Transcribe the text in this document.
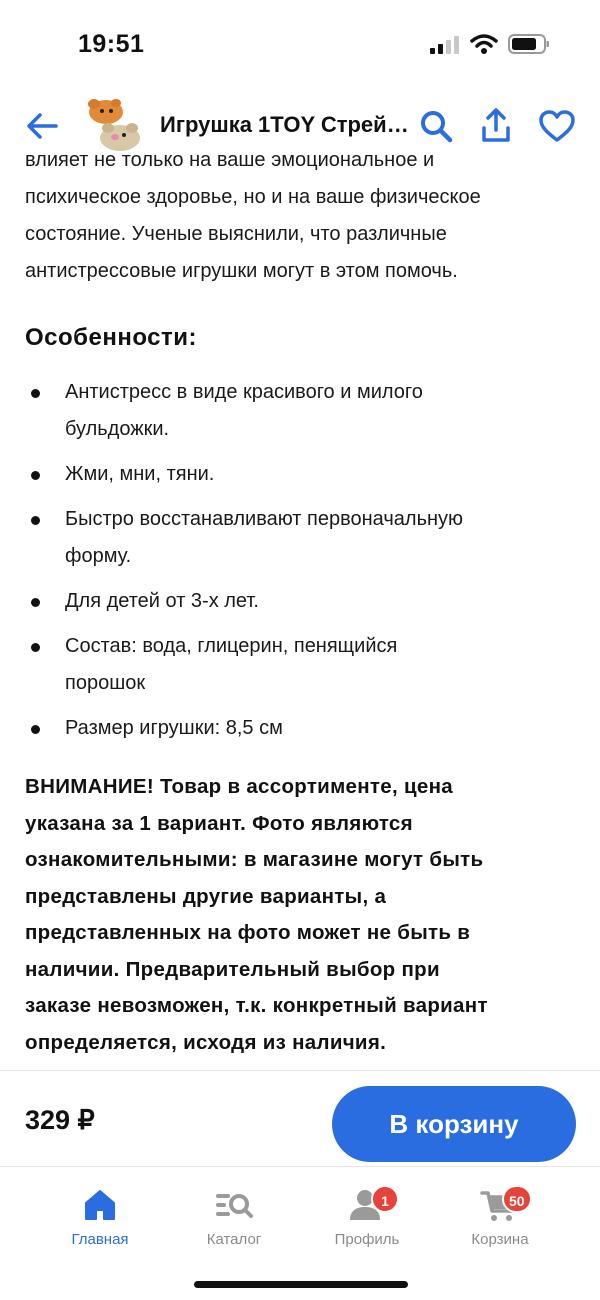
19:51
Игрушка 1TOY Стрей…
влияет не только на ваше эмоциональное и
психическое здоровье, но и на ваше физическое
состояние. Ученые выяснили, что различные
антистрессовые игрушки могут в этом помочь.
Особенности:
Антистресс в виде красивого и милого
бульдожки.
Жми, мни, тяни.
Быстро восстанавливают первоначальную
форму.
Для детей от 3-х лет.
Состав: вода, глицерин, пенящийся
порошок
Размер игрушки: 8,5 см
ВНИМАНИЕ! Товар в ассортименте, цена
указана за 1 вариант. Фото являются
ознакомительными: в магазине могут быть
представлены другие варианты, а
представленных на фото может не быть в
наличии. Предварительный выбор при
заказе невозможен, т.к. конкретный вариант
определяется, исходя из наличия.
329 ₽	В корзину
Главная	Каталог
1
Профиль
50
Корзина
